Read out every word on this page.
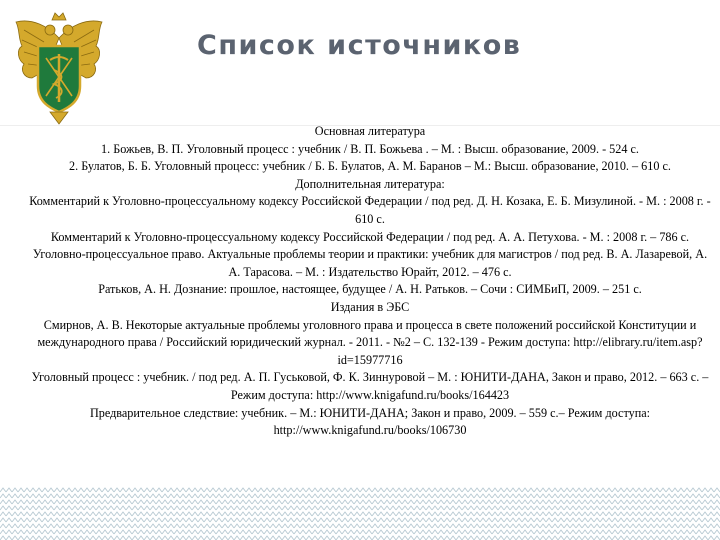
Список источников

Основная литература

1. Божьев, В. П. Уголовный процесс : учебник / В. П. Божьева . – М. : Высш. образование, 2009. - 524 с.

2. Булатов, Б. Б. Уголовный процесс: учебник / Б. Б. Булатов, А. М. Баранов – М.: Высш. образование, 2010. – 610 с.

Дополнительная литература:

Комментарий к Уголовно-процессуальному кодексу Российской Федерации / под ред. Д. Н. Козака, Е. Б. Мизулиной. - М. : 2008 г. - 610 с.

Комментарий к Уголовно-процессуальному кодексу Российской Федерации / под ред. А. А. Петуховa. - М. : 2008 г. – 786 с.

Уголовно-процессуальное право. Актуальные проблемы теории и практики: учебник для магистров / под ред. В. А. Лазаревой, А. А. Тарасова. – М. : Издательство Юрайт, 2012. – 476 с.

Ратьков, А. Н. Дознание: прошлое, настоящее, будущее / А. Н. Ратьков. – Сочи : СИМБиП, 2009. – 251 с.

Издания в ЭБС

Смирнов, А. В. Некоторые актуальные проблемы уголовного права и процесса в свете положений российской Конституции и международного права / Российский юридический журнал. - 2011. - №2 – С. 132-139 - Режим доступа: http://elibrary.ru/item.asp?id=15977716

Уголовный процесс : учебник. / под ред. А. П. Гуськовой, Ф. К. Зиннуровой – М. : ЮНИТИ-ДАНА, Закон и право, 2012. – 663 с. – Режим доступа: http://www.knigafund.ru/books/164423

Предварительное следствие: учебник. – М.: ЮНИТИ-ДАНА; Закон и право, 2009. – 559 с.– Режим доступа: http://www.knigafund.ru/books/106730
